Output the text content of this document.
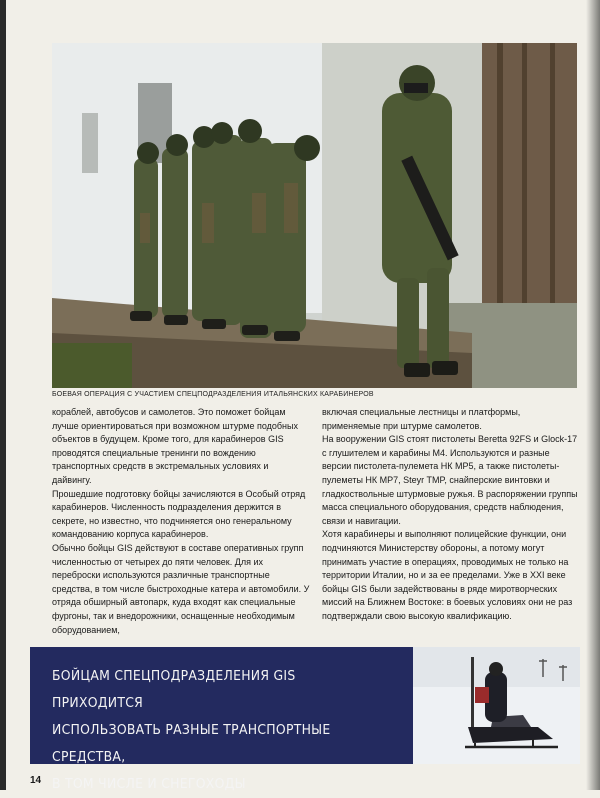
БОЕВАЯ ОПЕРАЦИЯ С УЧАСТИЕМ СПЕЦПОДРАЗДЕЛЕНИЯ ИТАЛЬЯНСКИХ КАРАБИНЕРОВ

кораблей, автобусов и самолетов. Это поможет бойцам лучше ориентироваться при возможном штурме подобных объектов в будущем. Кроме того, для карабинеров GIS проводятся специальные тренинги по вождению транспортных средств в экстремальных условиях и дайвингу.

Прошедшие подготовку бойцы зачисляются в Особый отряд карабинеров. Численность подразделения держится в секрете, но известно, что подчиняется оно генеральному командованию корпуса карабинеров.

Обычно бойцы GIS действуют в составе оперативных групп численностью от четырех до пяти человек. Для их переброски используются различные транспортные средства, в том числе быстроходные катера и автомобили. У отряда обширный автопарк, куда входят как специальные фургоны, так и внедорожники, оснащенные необходимым оборудованием,

включая специальные лестницы и платформы, применяемые при штурме самолетов.

На вооружении GIS стоят пистолеты Beretta 92FS и Glock-17 с глушителем и карабины М4. Используются и разные версии пистолета-пулемета НК МР5, а также пистолеты-пулеметы НК МР7, Steyr TMP, снайперские винтовки и гладкоствольные штурмовые ружья. В распоряжении группы масса специального оборудования, средств наблюдения, связи и навигации.

Хотя карабинеры и выполняют полицейские функции, они подчиняются Министерству обороны, а потому могут принимать участие в операциях, проводимых не только на территории Италии, но и за ее пределами. Уже в XXI веке бойцы GIS были задействованы в ряде миротворческих миссий на Ближнем Востоке: в боевых условиях они не раз подтверждали свою высокую квалификацию.

БОЙЦАМ СПЕЦПОДРАЗДЕЛЕНИЯ GIS ПРИХОДИТСЯ
ИСПОЛЬЗОВАТЬ РАЗНЫЕ ТРАНСПОРТНЫЕ СРЕДСТВА,
В ТОМ ЧИСЛЕ И СНЕГОХОДЫ
14
